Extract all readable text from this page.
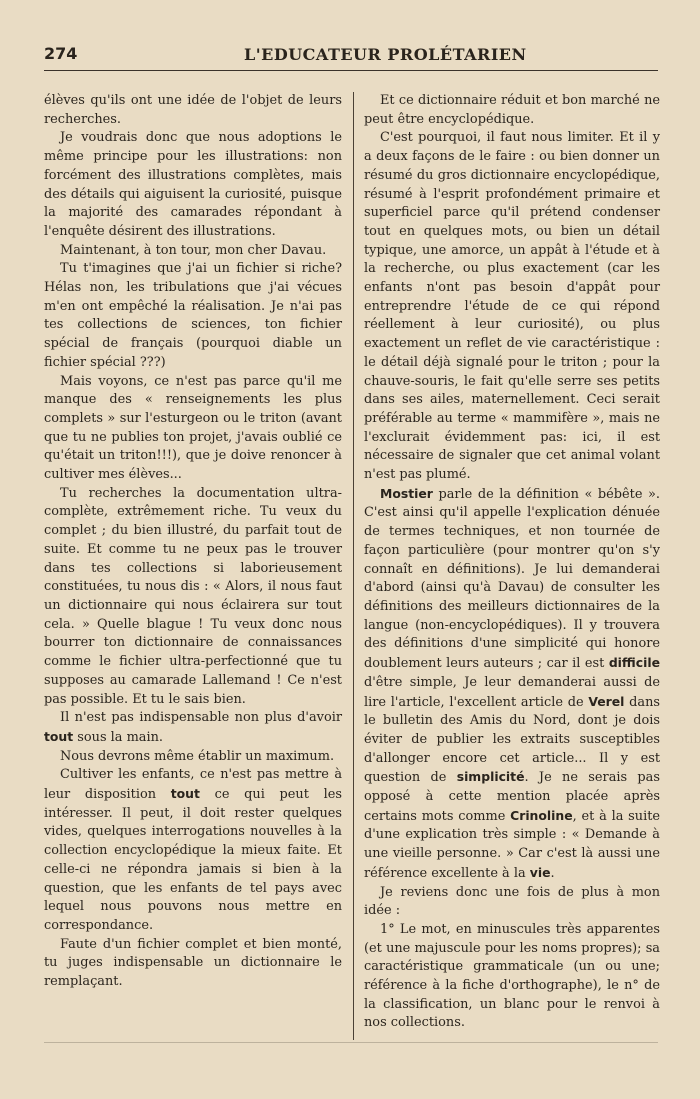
274	L'EDUCATEUR PROLÉTARIEN

élèves qu'ils ont une idée de l'objet de leurs recherches.

Je voudrais donc que nous adoptions le même principe pour les illustrations: non forcément des illustrations complètes, mais des détails qui aiguisent la curiosité, puisque la majorité des camarades répondant à l'enquête désirent des illustrations.

Maintenant, à ton tour, mon cher Davau.

Tu t'imagines que j'ai un fichier si riche? Hélas non, les tribulations que j'ai vécues m'en ont empêché la réalisation. Je n'ai pas tes collections de sciences, ton fichier spécial de français (pourquoi diable un fichier spécial ???)

Mais voyons, ce n'est pas parce qu'il me manque des « renseignements les plus complets » sur l'esturgeon ou le triton (avant que tu ne publies ton projet, j'avais oublié ce qu'était un triton!!!), que je doive renoncer à cultiver mes élèves...

Tu recherches la documentation ultra-complète, extrêmement riche. Tu veux du complet ; du bien illustré, du parfait tout de suite. Et comme tu ne peux pas le trouver dans tes collections si laborieusement constituées, tu nous dis : « Alors, il nous faut un dictionnaire qui nous éclairera sur tout cela. » Quelle blague ! Tu veux donc nous bourrer ton dictionnaire de connaissances comme le fichier ultra-perfectionné que tu supposes au camarade Lallemand ! Ce n'est pas possible. Et tu le sais bien.

Il n'est pas indispensable non plus d'avoir tout sous la main.

Nous devrons même établir un maximum.

Cultiver les enfants, ce n'est pas mettre à leur disposition tout ce qui peut les intéresser. Il peut, il doit rester quelques vides, quelques interrogations nouvelles à la collection encyclopédique la mieux faite. Et celle-ci ne répondra jamais si bien à la question, que les enfants de tel pays avec lequel nous pouvons nous mettre en correspondance.

Faute d'un fichier complet et bien monté, tu juges indispensable un dictionnaire le remplaçant.

Et ce dictionnaire réduit et bon marché ne peut être encyclopédique.

C'est pourquoi, il faut nous limiter. Et il y a deux façons de le faire : ou bien donner un résumé du gros dictionnaire encyclopédique, résumé à l'esprit profondément primaire et superficiel parce qu'il prétend condenser tout en quelques mots, ou bien un détail typique, une amorce, un appât à l'étude et à la recherche, ou plus exactement (car les enfants n'ont pas besoin d'appât pour entreprendre l'étude de ce qui répond réellement à leur curiosité), ou plus exactement un reflet de vie caractéristique : le détail déjà signalé pour le triton ; pour la chauve-souris, le fait qu'elle serre ses petits dans ses ailes, maternellement. Ceci serait préférable au terme « mammifère », mais ne l'exclurait évidemment pas: ici, il est nécessaire de signaler que cet animal volant n'est pas plumé.

Mostier parle de la définition « bébête ». C'est ainsi qu'il appelle l'explication dénuée de termes techniques, et non tournée de façon particulière (pour montrer qu'on s'y connaît en définitions). Je lui demanderai d'abord (ainsi qu'à Davau) de consulter les définitions des meilleurs dictionnaires de la langue (non-encyclopédiques). Il y trouvera des définitions d'une simplicité qui honore doublement leurs auteurs ; car il est difficile d'être simple, Je leur demanderai aussi de lire l'article, l'excellent article de Verel dans le bulletin des Amis du Nord, dont je dois éviter de publier les extraits susceptibles d'allonger encore cet article... Il y est question de simplicité. Je ne serais pas opposé à cette mention placée après certains mots comme Crinoline, et à la suite d'une explication très simple : « Demande à une vieille personne. » Car c'est là aussi une référence excellente à la vie.

Je reviens donc une fois de plus à mon idée :

1° Le mot, en minuscules très apparentes (et une majuscule pour les noms propres); sa caractéristique grammaticale (un ou une; référence à la fiche d'orthographe), le n° de la classification, un blanc pour le renvoi à nos collections.
